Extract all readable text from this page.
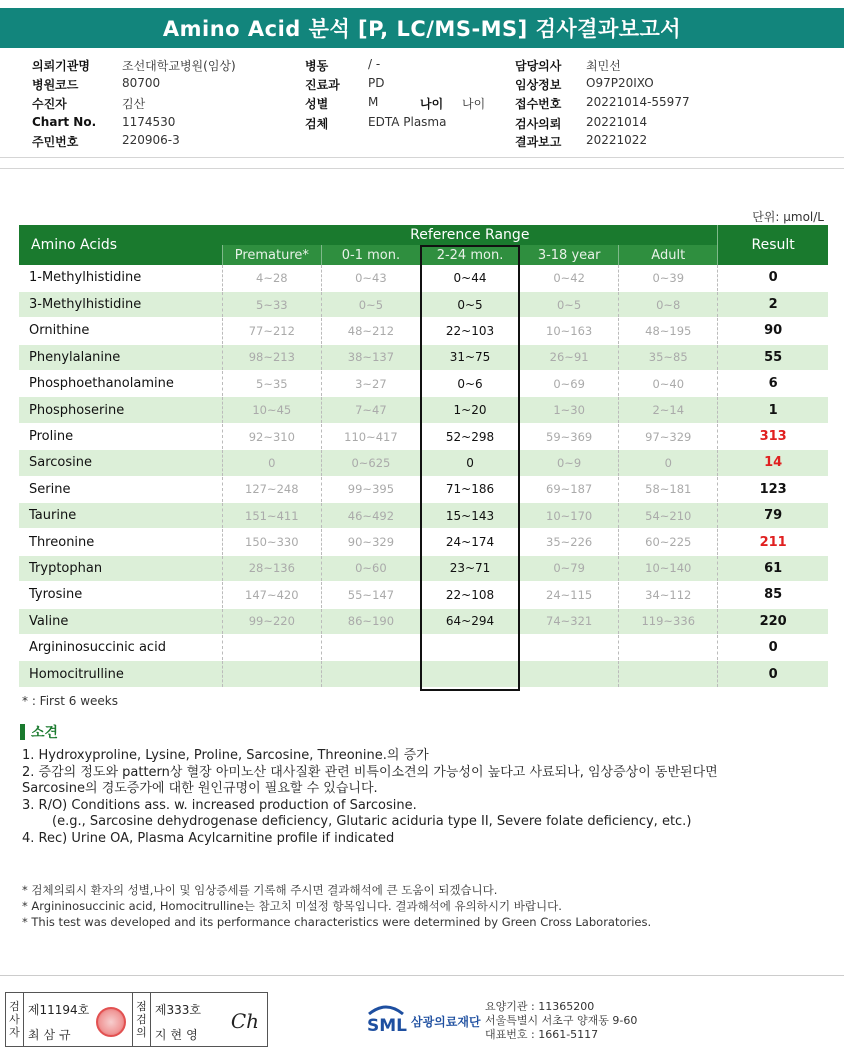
Amino Acid 분석 [P, LC/MS-MS] 검사결과보고서
의뢰기관명	조선대학교병원(임상)	병동	/ -	담당의사 최민선
병원코드	80700	진료과 PD	임상정보 O97P20IXO
수진자	김산	성별	M	나이 나이 접수번호 20221014-55977
Chart No. 1174530	검체	EDTA Plasma	검사의뢰 20221014
주민번호	220906-3	결과보고 20221022
단위: μmol/L
Amino Acids	Reference Range					Result
	Premature*	0-1 mon.	2-24 mon.	3-18 year	Adult	
1-Methylhistidine	4~28	0~43	0~44	0~42	0~39	0
3-Methylhistidine	5~33	0~5	0~5	0~5	0~8	2
Ornithine	77~212	48~212	22~103	10~163	48~195	90
Phenylalanine	98~213	38~137	31~75	26~91	35~85	55
Phosphoethanolamine	5~35	3~27	0~6	0~69	0~40	6
Phosphoserine	10~45	7~47	1~20	1~30	2~14	1
Proline	92~310	110~417	52~298	59~369	97~329	313
Sarcosine	0	0~625	0	0~9	0	14
Serine	127~248	99~395	71~186	69~187	58~181	123
Taurine	151~411	46~492	15~143	10~170	54~210	79
Threonine	150~330	90~329	24~174	35~226	60~225	211
Tryptophan	28~136	0~60	23~71	0~79	10~140	61
Tyrosine	147~420	55~147	22~108	24~115	34~112	85
Valine	99~220	86~190	64~294	74~321	119~336	220
Argininosuccinic acid						0
Homocitrulline						0
* : First 6 weeks
소견
1. Hydroxyproline, Lysine, Proline, Sarcosine, Threonine.의 증가
2. 증감의 정도와 pattern상 혈장 아미노산 대사질환 관련 비특이소견의 가능성이 높다고 사료되나, 임상증상이 동반된다면
Sarcosine의 경도증가에 대한 원인규명이 필요할 수 있습니다.
3. R/O) Conditions ass. w. increased production of Sarcosine.
(e.g., Sarcosine dehydrogenase deficiency, Glutaric aciduria type II, Severe folate deficiency, etc.)
4. Rec) Urine OA, Plasma Acylcarnitine profile if indicated
* 검체의뢰시 환자의 성별,나이 및 임상증세를 기록해 주시면 결과해석에 큰 도움이 되겠습니다.
* Argininosuccinic acid, Homocitrulline는 참고치 미설정 항목입니다. 결과해석에 유의하시기 바랍니다.
* This test was developed and its performance characteristics were determined by Green Cross Laboratories.
검
사
자
제11194호
최삼규
점
검
의
제333호
지현영
Ch	SML 삼광의료재단
요양기관 : 11365200
서울특별시 서초구 양재동 9-60
대표번호 : 1661-5117
